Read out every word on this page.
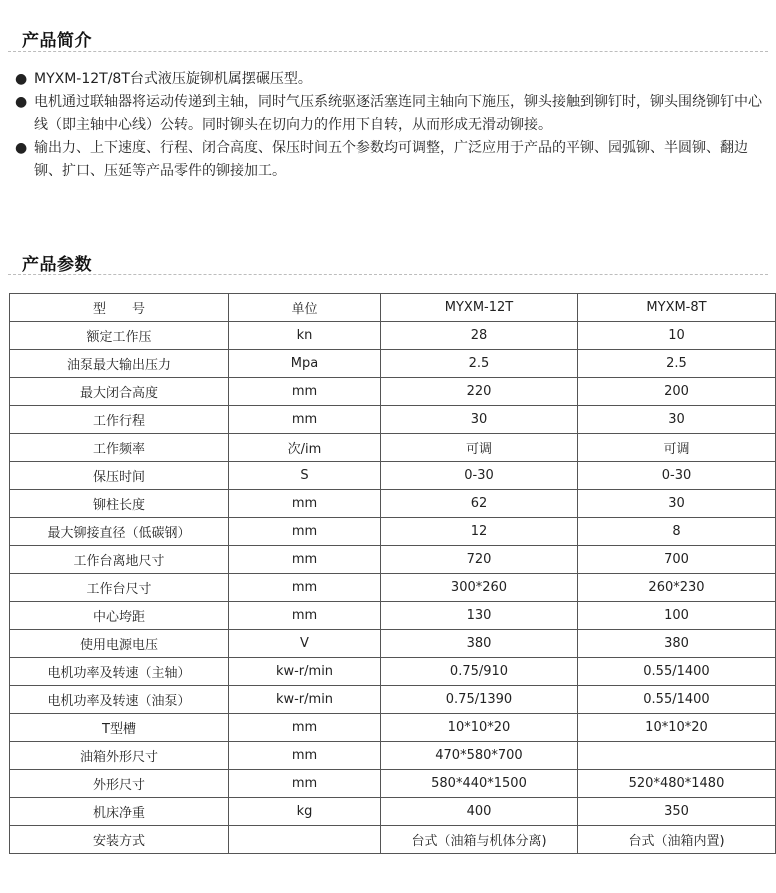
产品简介
● MYXM-12T/8T台式液压旋铆机属摆碾压型。
● 电机通过联轴器将运动传递到主轴，同时气压系统驱逐活塞连同主轴向下施压，铆头接触到铆钉时，铆头围绕铆钉中心线（即主轴中心线）公转。同时铆头在切向力的作用下自转，从而形成无滑动铆接。
● 输出力、上下速度、行程、闭合高度、保压时间五个参数均可调整，广泛应用于产品的平铆、园弧铆、半圆铆、翻边铆、扩口、压延等产品零件的铆接加工。
产品参数
型　　号	单位	MYXM-12T	MYXM-8T
额定工作压	kn	28	10
油泵最大输出压力	Mpa	2.5	2.5
最大闭合高度	mm	220	200
工作行程	mm	30	30
工作频率	次/im	可调	可调
保压时间	S	0-30	0-30
铆柱长度	mm	62	30
最大铆接直径（低碳钢）	mm	12	8
工作台离地尺寸	mm	720	700
工作台尺寸	mm	300*260	260*230
中心垮距	mm	130	100
使用电源电压	V	380	380
电机功率及转速（主轴）	kw-r/min	0.75/910	0.55/1400
电机功率及转速（油泵）	kw-r/min	0.75/1390	0.55/1400
T型槽	mm	10*10*20	10*10*20
油箱外形尺寸	mm	470*580*700	
外形尺寸	mm	580*440*1500	520*480*1480
机床净重	kg	400	350
安装方式		台式（油箱与机体分离)	台式（油箱内置)
